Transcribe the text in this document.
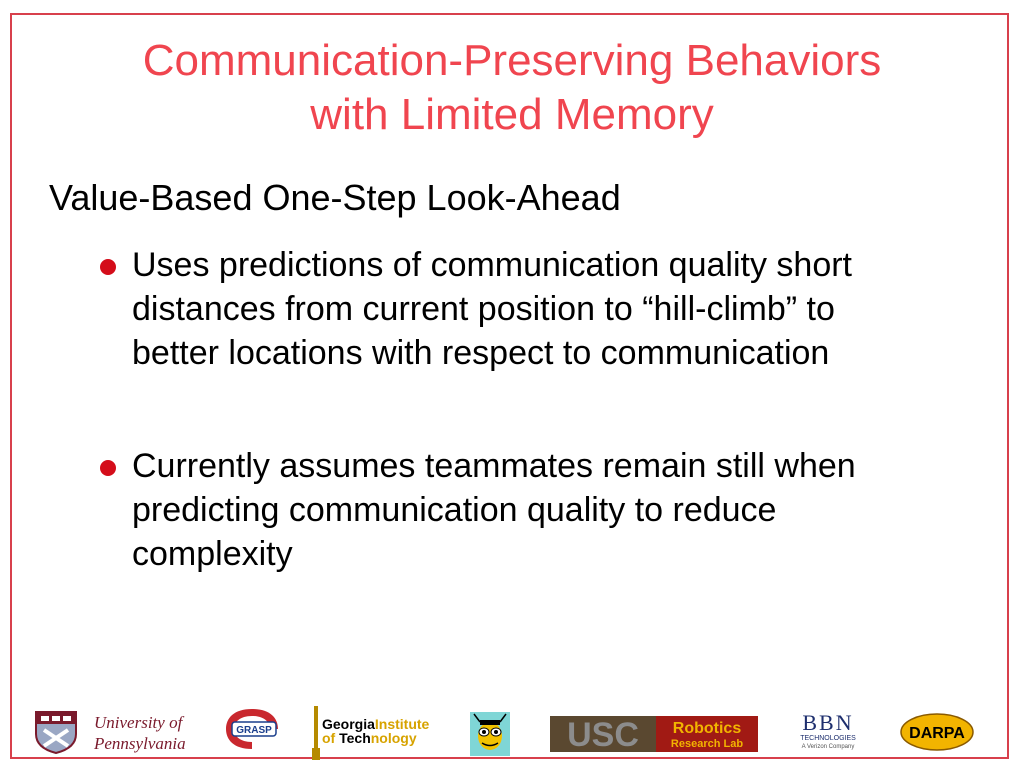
Communication-Preserving Behaviors
with Limited Memory
Value-Based One-Step Look-Ahead
Uses predictions of communication quality short
distances from current position to “hill-climb” to
better locations with respect to communication
Currently assumes teammates remain still when
predicting communication quality to reduce
complexity
University of
Pennsylvania
GRASP	GeorgiaInstitute
of Technology	USC Robotics
Research Lab
BBN
TECHNOLOGIES
A Verizon Company
DARPA
